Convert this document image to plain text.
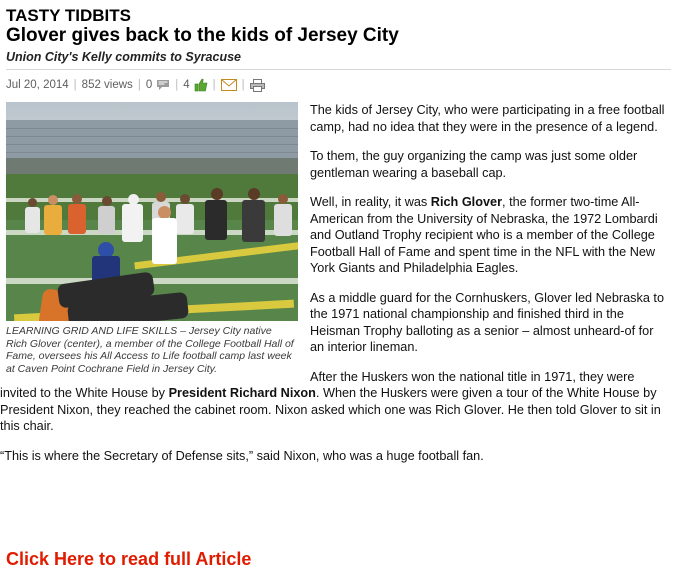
TASTY TIDBITS
Glover gives back to the kids of Jersey City
Union City's Kelly commits to Syracuse
Jul 20, 2014 | 852 views | 0 | 4 | |
LEARNING GRID AND LIFE SKILLS – Jersey City native Rich Glover (center), a member of the College Football Hall of Fame, oversees his All Access to Life football camp last week at Caven Point Cochrane Field in Jersey City.

The kids of Jersey City, who were participating in a free football camp, had no idea that they were in the presence of a legend.

To them, the guy organizing the camp was just some older gentleman wearing a baseball cap.

Well, in reality, it was Rich Glover, the former two-time All-American from the University of Nebraska, the 1972 Lombardi and Outland Trophy recipient who is a member of the College Football Hall of Fame and spent time in the NFL with the New York Giants and Philadelphia Eagles.

As a middle guard for the Cornhuskers, Glover led Nebraska to the 1971 national championship and finished third in the Heisman Trophy balloting as a senior – almost unheard-of for an interior lineman.

After the Huskers won the national title in 1971, they were invited to the White House by President Richard Nixon. When the Huskers were given a tour of the White House by President Nixon, they reached the cabinet room. Nixon asked which one was Rich Glover. He then told Glover to sit in this chair.

“This is where the Secretary of Defense sits,” said Nixon, who was a huge football fan.

Click Here to read full Article
